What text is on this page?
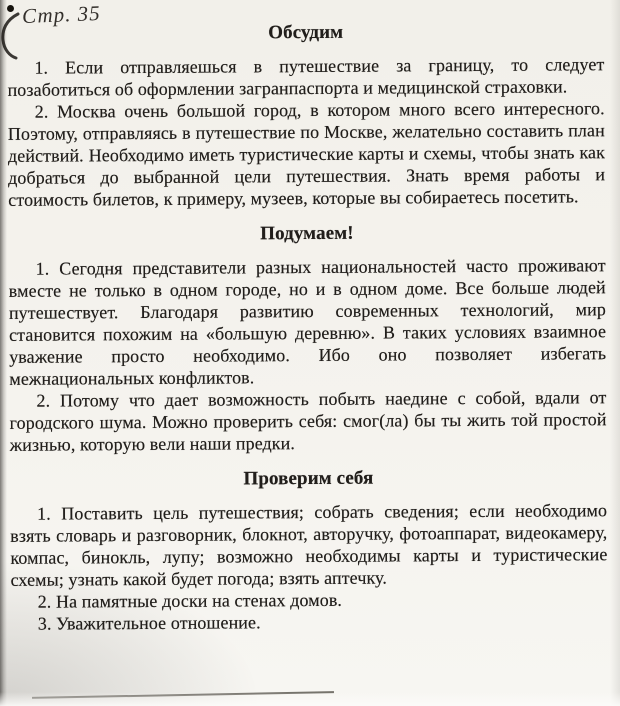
Стр. 35
Обсудим

1. Если отправляешься в путешествие за границу, то следует позаботиться об оформлении загранпаспорта и медицинской страховки.

2. Москва очень большой город, в котором много всего интересного. Поэтому, отправляясь в путешествие по Москве, желательно составить план действий. Необходимо иметь туристические карты и схемы, чтобы знать как добраться до выбранной цели путешествия. Знать время работы и стоимость билетов, к примеру, музеев, которые вы собираетесь посетить.

Подумаем!

1. Сегодня представители разных национальностей часто проживают вместе не только в одном городе, но и в одном доме. Все больше людей путешествует. Благодаря развитию современных технологий, мир становится похожим на «большую деревню». В таких условиях взаимное уважение просто необходимо. Ибо оно позволяет избегать межнациональных конфликтов.

2. Потому что дает возможность побыть наедине с собой, вдали от городского шума. Можно проверить себя: смог(ла) бы ты жить той простой жизнью, которую вели наши предки.

Проверим себя

1. Поставить цель путешествия; собрать сведения; если необходимо взять словарь и разговорник, блокнот, авторучку, фотоаппарат, видеокамеру, компас, бинокль, лупу; возможно необходимы карты и туристические схемы; узнать какой будет погода; взять аптечку.

2. На памятные доски на стенах домов.

3. Уважительное отношение.
